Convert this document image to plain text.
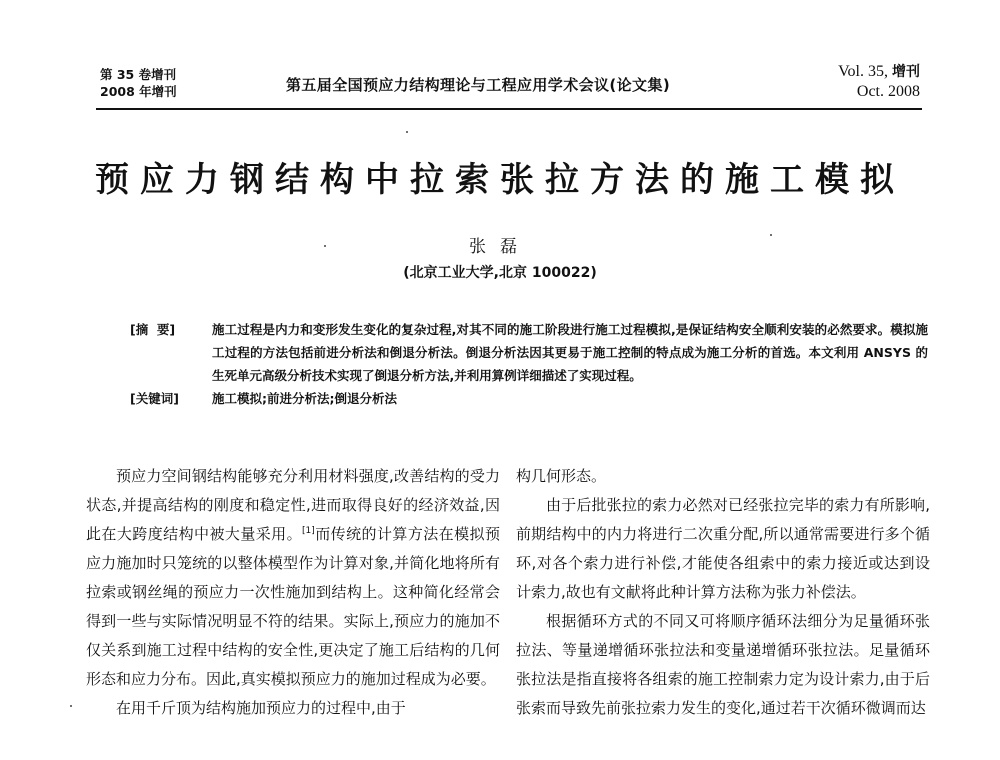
第 35 卷增刊
2008 年增刊	第五届全国预应力结构理论与工程应用学术会议(论文集)
Vol. 35, 增刊
Oct. 2008
预应力钢结构中拉索张拉方法的施工模拟
张磊
(北京工业大学,北京 100022)
[摘  要]	施工过程是内力和变形发生变化的复杂过程,对其不同的施工阶段进行施工过程模拟,是保证结构安全顺利安装的必然要求。模拟施工过程的方法包括前进分析法和倒退分析法。倒退分析法因其更易于施工控制的特点成为施工分析的首选。本文利用 ANSYS 的生死单元高级分析技术实现了倒退分析方法,并利用算例详细描述了实现过程。
[关键词]	施工模拟;前进分析法;倒退分析法

预应力空间钢结构能够充分利用材料强度,改善结构的受力状态,并提高结构的刚度和稳定性,进而取得良好的经济效益,因此在大跨度结构中被大量采用。[1]而传统的计算方法在模拟预应力施加时只笼统的以整体模型作为计算对象,并简化地将所有拉索或钢丝绳的预应力一次性施加到结构上。这种简化经常会得到一些与实际情况明显不符的结果。实际上,预应力的施加不仅关系到施工过程中结构的安全性,更决定了施工后结构的几何形态和应力分布。因此,真实模拟预应力的施加过程成为必要。

在用千斤顶为结构施加预应力的过程中,由于

构几何形态。

由于后批张拉的索力必然对已经张拉完毕的索力有所影响,前期结构中的内力将进行二次重分配,所以通常需要进行多个循环,对各个索力进行补偿,才能使各组索中的索力接近或达到设计索力,故也有文献将此种计算方法称为张力补偿法。

根据循环方式的不同又可将顺序循环法细分为足量循环张拉法、等量递增循环张拉法和变量递增循环张拉法。足量循环张拉法是指直接将各组索的施工控制索力定为设计索力,由于后张索而导致先前张拉索力发生的变化,通过若干次循环微调而达
